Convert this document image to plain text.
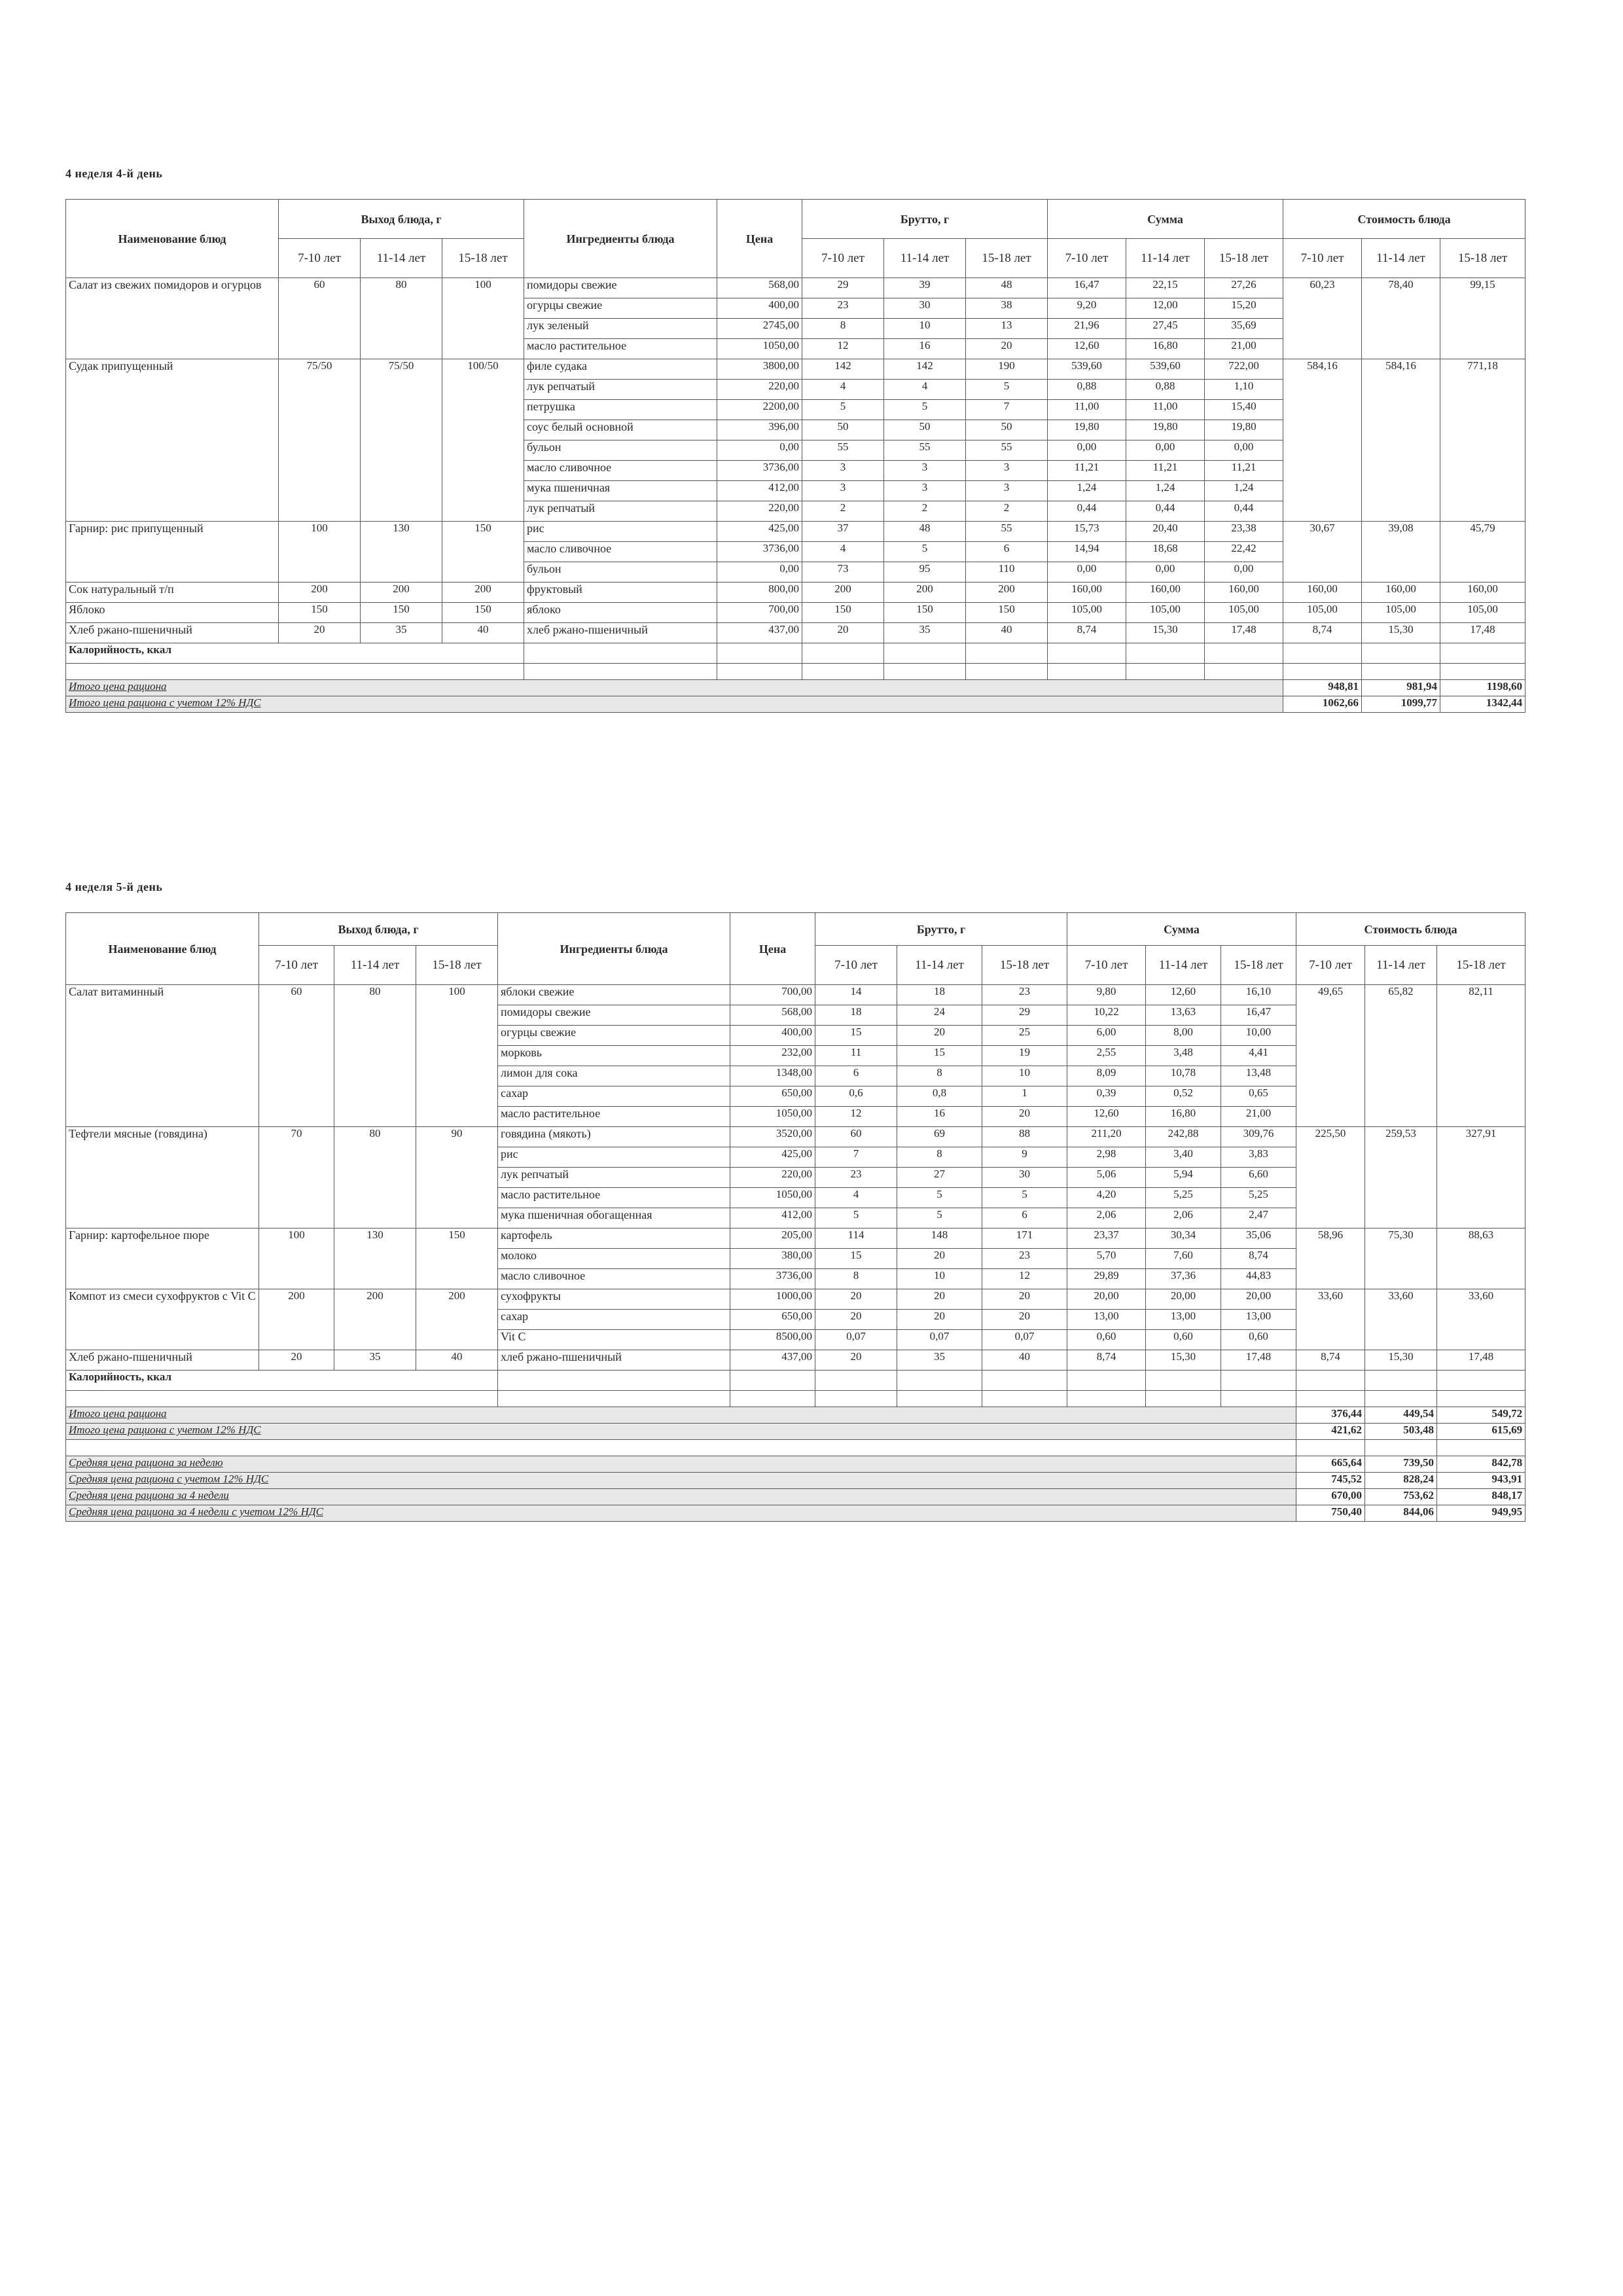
4 неделя 4-й день
Наименование блюд	Выход блюда, г			Ингредиенты блюда	Цена	Брутто, г			Сумма			Стоимость блюда		
	7-10 лет	11-14 лет	15-18 лет			7-10 лет	11-14 лет	15-18 лет	7-10 лет	11-14 лет	15-18 лет	7-10 лет	11-14 лет	15-18 лет
Салат из свежих помидоров и огурцов	60	80	100	помидоры свежие	568,00	29	39	48	16,47	22,15	27,26	60,23	78,40	99,15
				огурцы свежие	400,00	23	30	38	9,20	12,00	15,20			
				лук зеленый	2745,00	8	10	13	21,96	27,45	35,69			
				масло растительное	1050,00	12	16	20	12,60	16,80	21,00			
Судак припущенный	75/50	75/50	100/50	филе судака	3800,00	142	142	190	539,60	539,60	722,00	584,16	584,16	771,18
				лук репчатый	220,00	4	4	5	0,88	0,88	1,10			
				петрушка	2200,00	5	5	7	11,00	11,00	15,40			
				соус белый основной	396,00	50	50	50	19,80	19,80	19,80			
				бульон	0,00	55	55	55	0,00	0,00	0,00			
				масло сливочное	3736,00	3	3	3	11,21	11,21	11,21			
				мука пшеничная	412,00	3	3	3	1,24	1,24	1,24			
				лук репчатый	220,00	2	2	2	0,44	0,44	0,44			
Гарнир: рис припущенный	100	130	150	рис	425,00	37	48	55	15,73	20,40	23,38	30,67	39,08	45,79
				масло сливочное	3736,00	4	5	6	14,94	18,68	22,42			
				бульон	0,00	73	95	110	0,00	0,00	0,00			
Сок натуральный т/п	200	200	200	фруктовый	800,00	200	200	200	160,00	160,00	160,00	160,00	160,00	160,00
Яблоко	150	150	150	яблоко	700,00	150	150	150	105,00	105,00	105,00	105,00	105,00	105,00
Хлеб ржано-пшеничный	20	35	40	хлеб ржано-пшеничный	437,00	20	35	40	8,74	15,30	17,48	8,74	15,30	17,48
Калорийность, ккал														

Итого цена рациона												948,81	981,94	1198,60
Итого цена рациона с учетом 12% НДС												1062,66	1099,77	1342,44
4 неделя 5-й день
Наименование блюд	Выход блюда, г			Ингредиенты блюда	Цена	Брутто, г			Сумма			Стоимость блюда		
	7-10 лет	11-14 лет	15-18 лет			7-10 лет	11-14 лет	15-18 лет	7-10 лет	11-14 лет	15-18 лет	7-10 лет	11-14 лет	15-18 лет
Салат витаминный	60	80	100	яблоки свежие	700,00	14	18	23	9,80	12,60	16,10	49,65	65,82	82,11
				помидоры свежие	568,00	18	24	29	10,22	13,63	16,47			
				огурцы свежие	400,00	15	20	25	6,00	8,00	10,00			
				морковь	232,00	11	15	19	2,55	3,48	4,41			
				лимон для сока	1348,00	6	8	10	8,09	10,78	13,48			
				сахар	650,00	0,6	0,8	1	0,39	0,52	0,65			
				масло растительное	1050,00	12	16	20	12,60	16,80	21,00			
Тефтели мясные (говядина)	70	80	90	говядина (мякоть)	3520,00	60	69	88	211,20	242,88	309,76	225,50	259,53	327,91
				рис	425,00	7	8	9	2,98	3,40	3,83			
				лук репчатый	220,00	23	27	30	5,06	5,94	6,60			
				масло растительное	1050,00	4	5	5	4,20	5,25	5,25			
				мука пшеничная обогащенная	412,00	5	5	6	2,06	2,06	2,47			
Гарнир: картофельное пюре	100	130	150	картофель	205,00	114	148	171	23,37	30,34	35,06	58,96	75,30	88,63
				молоко	380,00	15	20	23	5,70	7,60	8,74			
				масло сливочное	3736,00	8	10	12	29,89	37,36	44,83			
Компот из смеси сухофруктов с Vit C	200	200	200	сухофрукты	1000,00	20	20	20	20,00	20,00	20,00	33,60	33,60	33,60
				сахар	650,00	20	20	20	13,00	13,00	13,00			
				Vit C	8500,00	0,07	0,07	0,07	0,60	0,60	0,60			
Хлеб ржано-пшеничный	20	35	40	хлеб ржано-пшеничный	437,00	20	35	40	8,74	15,30	17,48	8,74	15,30	17,48
Калорийность, ккал														

Итого цена рациона												376,44	449,54	549,72
Итого цена рациона с учетом 12% НДС												421,62	503,48	615,69

Средняя цена рациона за неделю												665,64	739,50	842,78
Средняя цена рациона с учетом 12% НДС												745,52	828,24	943,91
Средняя цена рациона за 4 недели												670,00	753,62	848,17
Средняя цена рациона за 4 недели с учетом 12% НДС												750,40	844,06	949,95
